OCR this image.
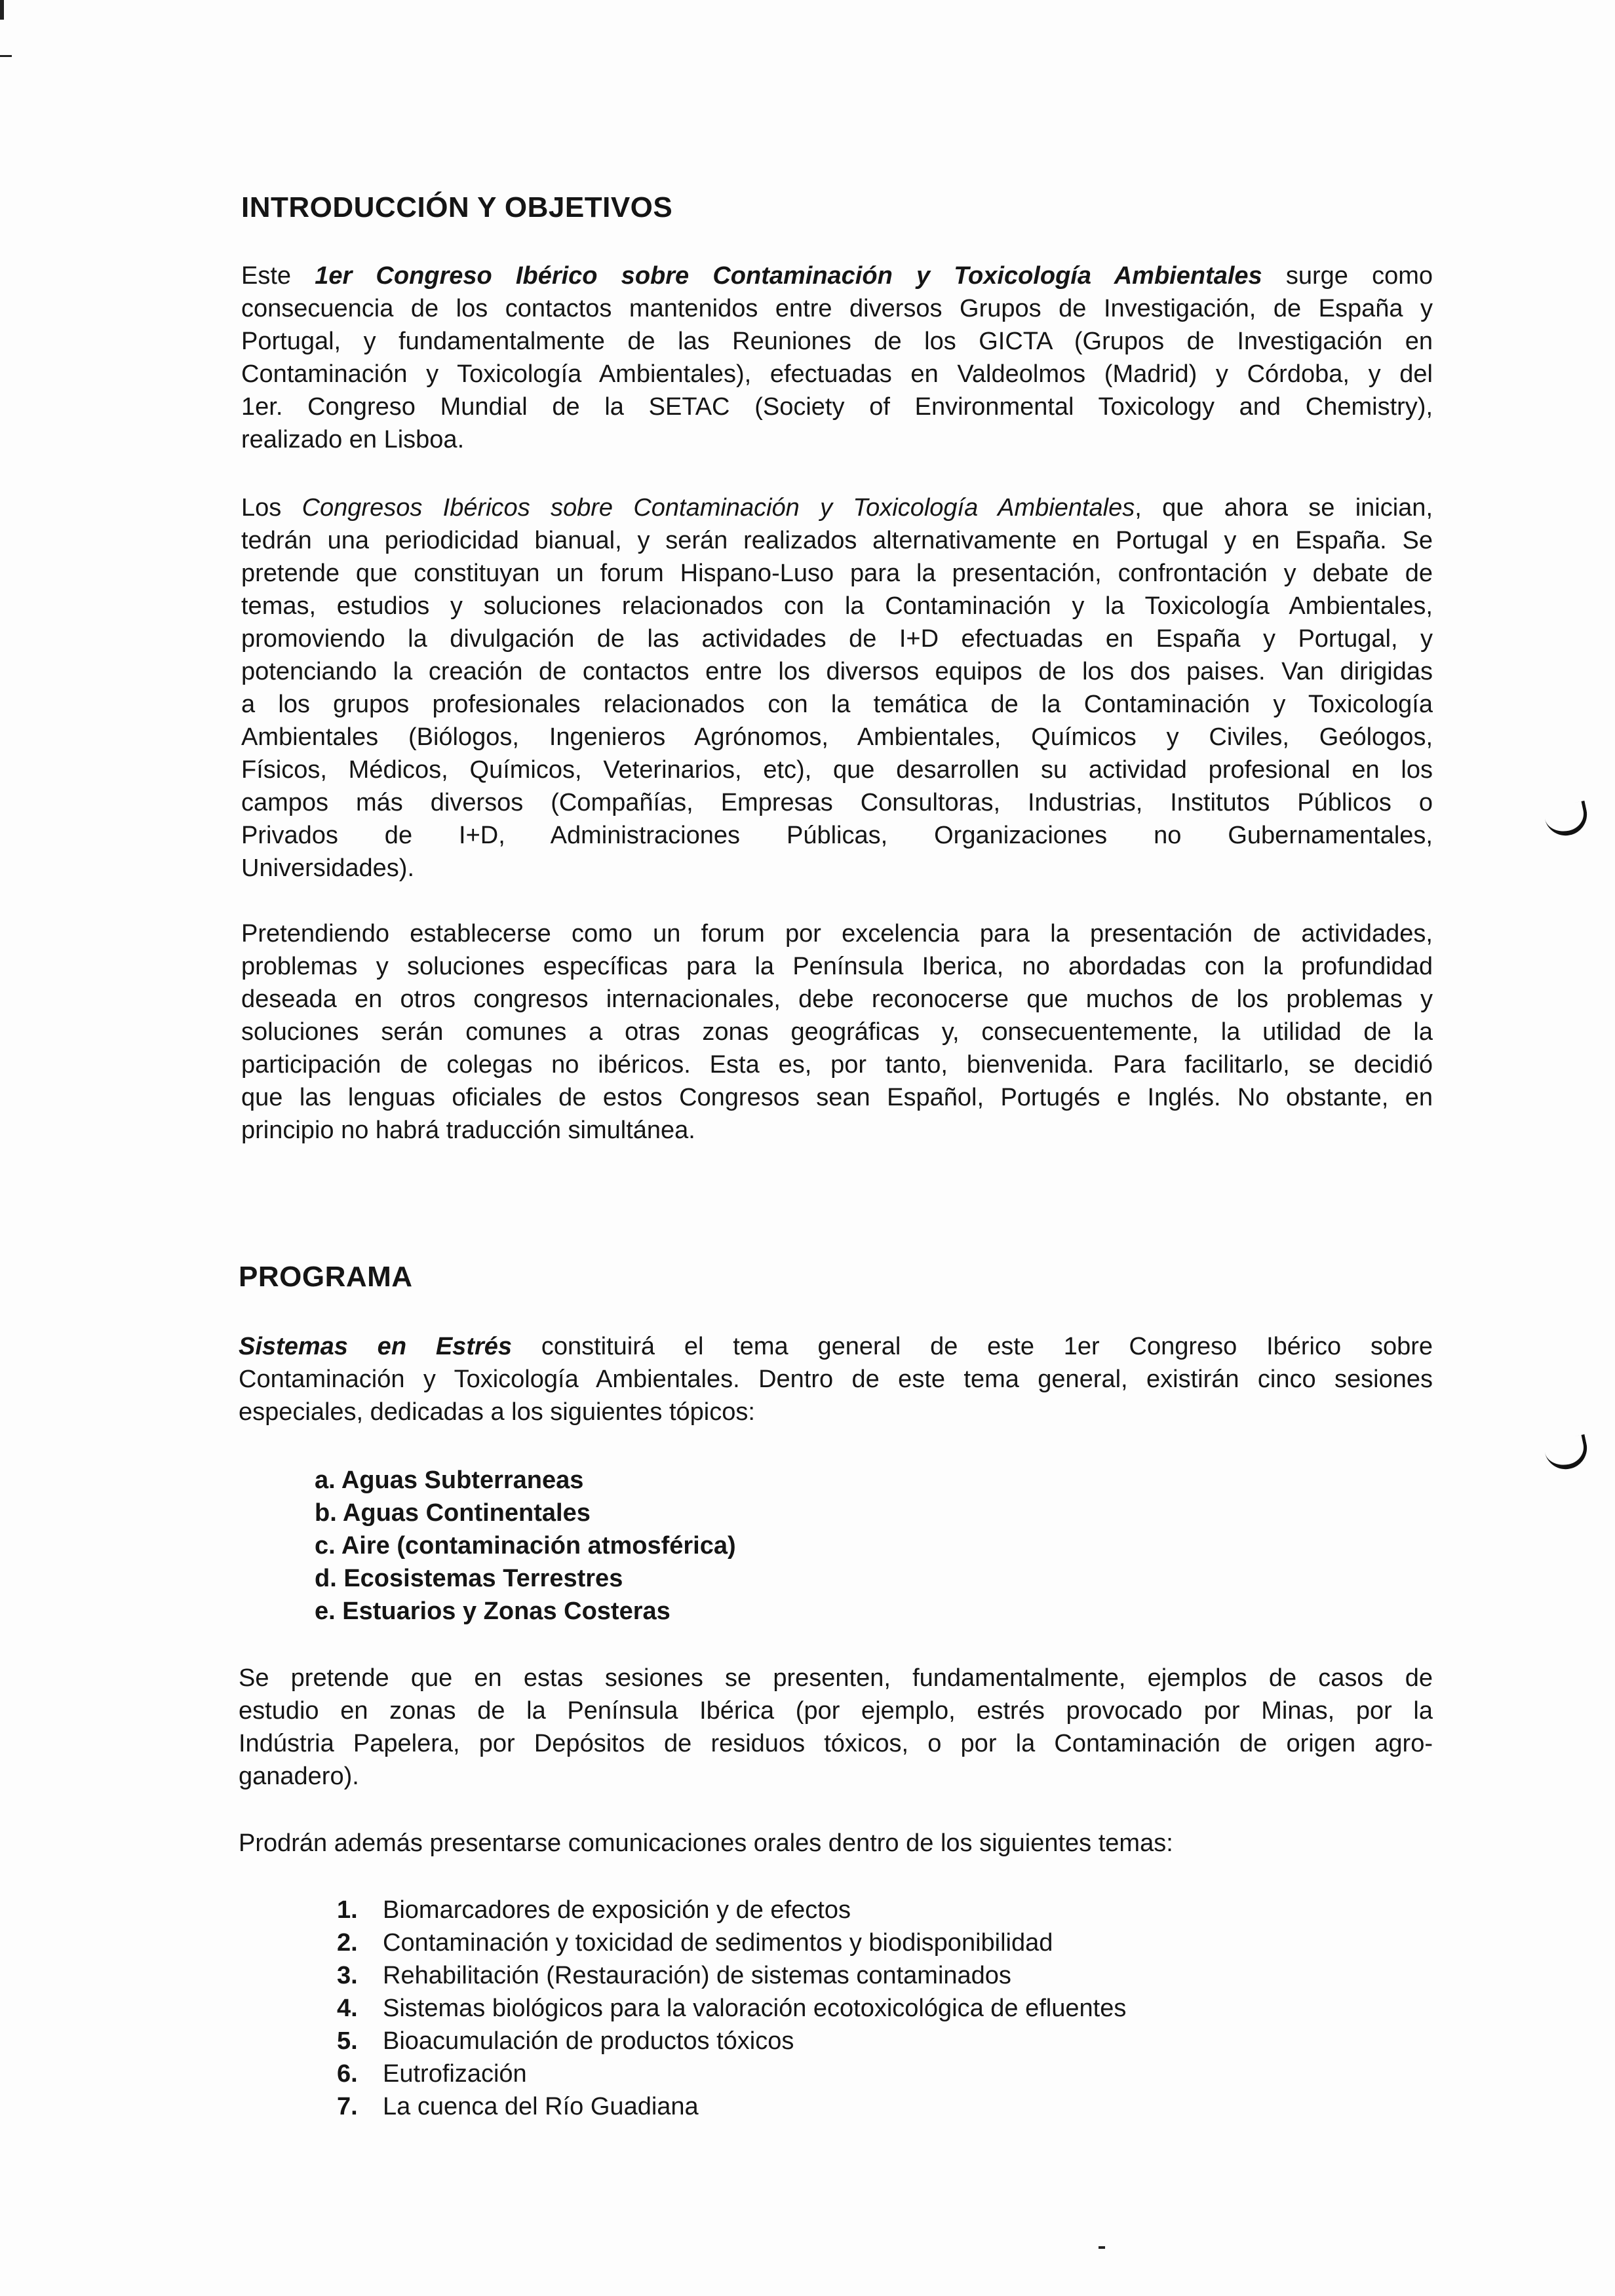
INTRODUCCIÓN Y OBJETIVOS
Este 1er Congreso Ibérico sobre Contaminación y Toxicología Ambientales surge como
consecuencia de los contactos mantenidos entre diversos Grupos de Investigación, de España y
Portugal, y fundamentalmente de las Reuniones de los GICTA (Grupos de Investigación en
Contaminación y Toxicología Ambientales), efectuadas en Valdeolmos (Madrid) y Córdoba, y del
1er. Congreso Mundial de la SETAC (Society of Environmental Toxicology and Chemistry),
realizado en Lisboa.
Los Congresos Ibéricos sobre Contaminación y Toxicología Ambientales, que ahora se inician,
tedrán una periodicidad bianual, y serán realizados alternativamente en Portugal y en España. Se
pretende que constituyan un forum Hispano-Luso para la presentación, confrontación y debate de
temas, estudios y soluciones relacionados con la Contaminación y la Toxicología Ambientales,
promoviendo la divulgación de las actividades de I+D efectuadas en España y Portugal, y
potenciando la creación de contactos entre los diversos equipos de los dos paises. Van dirigidas
a los grupos profesionales relacionados con la temática de la Contaminación y Toxicología
Ambientales (Biólogos, Ingenieros Agrónomos, Ambientales, Químicos y Civiles, Geólogos,
Físicos, Médicos, Químicos, Veterinarios, etc), que desarrollen su actividad profesional en los
campos más diversos (Compañías, Empresas Consultoras, Industrias, Institutos Públicos o
Privados de I+D, Administraciones Públicas, Organizaciones no Gubernamentales,
Universidades).
Pretendiendo establecerse como un forum por excelencia para la presentación de actividades,
problemas y soluciones específicas para la Península Iberica, no abordadas con la profundidad
deseada en otros congresos internacionales, debe reconocerse que muchos de los problemas y
soluciones serán comunes a otras zonas geográficas y, consecuentemente, la utilidad de la
participación de colegas no ibéricos. Esta es, por tanto, bienvenida. Para facilitarlo, se decidió
que las lenguas oficiales de estos Congresos sean Español, Portugés e Inglés. No obstante, en
principio no habrá traducción simultánea.
PROGRAMA
Sistemas en Estrés constituirá el tema general de este 1er Congreso Ibérico sobre
Contaminación y Toxicología Ambientales. Dentro de este tema general, existirán cinco sesiones
especiales, dedicadas a los siguientes tópicos:
a. Aguas Subterraneas
b. Aguas Continentales
c. Aire (contaminación atmosférica)
d. Ecosistemas Terrestres
e. Estuarios y Zonas Costeras
Se pretende que en estas sesiones se presenten, fundamentalmente, ejemplos de casos de
estudio en zonas de la Península Ibérica (por ejemplo, estrés provocado por Minas, por la
Indústria Papelera, por Depósitos de residuos tóxicos, o por la Contaminación de origen agro-
ganadero).
Prodrán además presentarse comunicaciones orales dentro de los siguientes temas:
1. Biomarcadores de exposición y de efectos
2. Contaminación y toxicidad de sedimentos y biodisponibilidad
3. Rehabilitación (Restauración) de sistemas contaminados
4. Sistemas biológicos para la valoración ecotoxicológica de efluentes
5. Bioacumulación de productos tóxicos
6. Eutrofización
7. La cuenca del Río Guadiana
